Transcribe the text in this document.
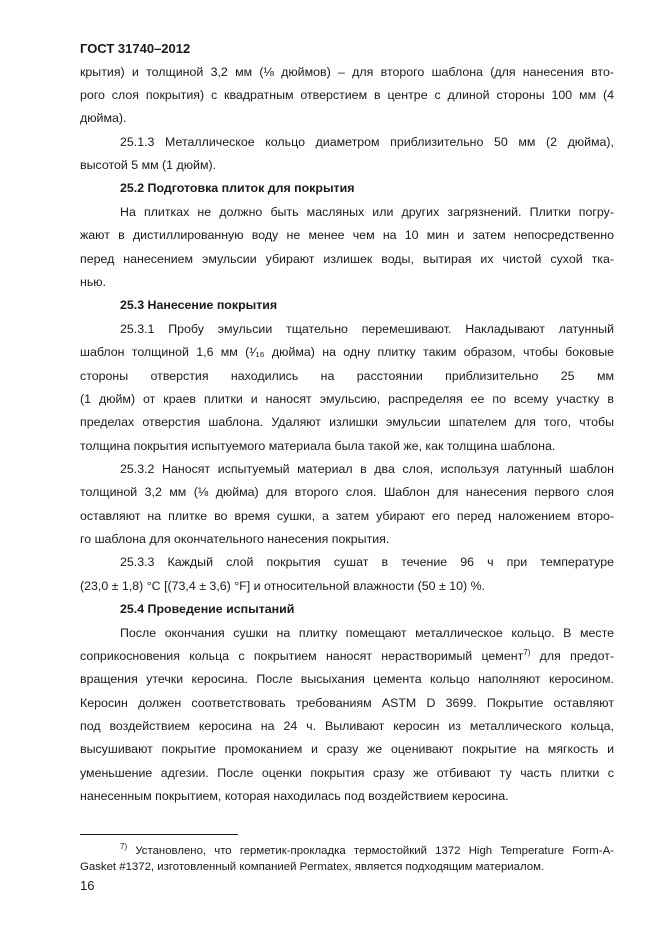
ГОСТ 31740–2012
крытия) и толщиной 3,2 мм (⅛ дюймов) – для второго шаблона (для нанесения вто-
рого слоя покрытия) с квадратным отверстием в центре с длиной стороны 100 мм (4
дюйма).
25.1.3 Металлическое кольцо диаметром приблизительно 50 мм (2 дюйма),
высотой 5 мм (1 дюйм).
25.2 Подготовка плиток для покрытия
На плитках не должно быть масляных или других загрязнений. Плитки погру-
жают в дистиллированную воду не менее чем на 10 мин и затем непосредственно
перед нанесением эмульсии убирают излишек воды, вытирая их чистой сухой тка-
нью.
25.3 Нанесение покрытия
25.3.1 Пробу эмульсии тщательно перемешивают. Накладывают латунный
шаблон толщиной 1,6 мм (¹⁄₁₆ дюйма) на одну плитку таким образом, чтобы боковые
стороны отверстия находились на расстоянии приблизительно 25 мм
(1 дюйм) от краев плитки и наносят эмульсию, распределяя ее по всему участку в
пределах отверстия шаблона. Удаляют излишки эмульсии шпателем для того, чтобы
толщина покрытия испытуемого материала была такой же, как толщина шаблона.
25.3.2 Наносят испытуемый материал в два слоя, используя латунный шаблон
толщиной 3,2 мм (⅛ дюйма) для второго слоя. Шаблон для нанесения первого слоя
оставляют на плитке во время сушки, а затем убирают его перед наложением второ-
го шаблона для окончательного нанесения покрытия.
25.3.3 Каждый слой покрытия сушат в течение 96 ч при температуре
(23,0 ± 1,8) °С [(73,4 ± 3,6) °F] и относительной влажности (50 ± 10) %.
25.4 Проведение испытаний
После окончания сушки на плитку помещают металлическое кольцо. В месте
соприкосновения кольца с покрытием наносят нерастворимый цемент$^{7)}$ для предот-
вращения утечки керосина. После высыхания цемента кольцо наполняют керосином.
Керосин должен соответствовать требованиям ASTM D 3699. Покрытие оставляют
под воздействием керосина на 24 ч. Выливают керосин из металлического кольца,
высушивают покрытие промоканием и сразу же оценивают покрытие на мягкость и
уменьшение адгезии. После оценки покрытия сразу же отбивают ту часть плитки с
нанесенным покрытием, которая находилась под воздействием керосина.
$^{7)}$ Установлено, что герметик-прокладка термостойкий 1372 High Temperature Form-A-
Gasket #1372, изготовленный компанией Permatex, является подходящим материалом.
16
